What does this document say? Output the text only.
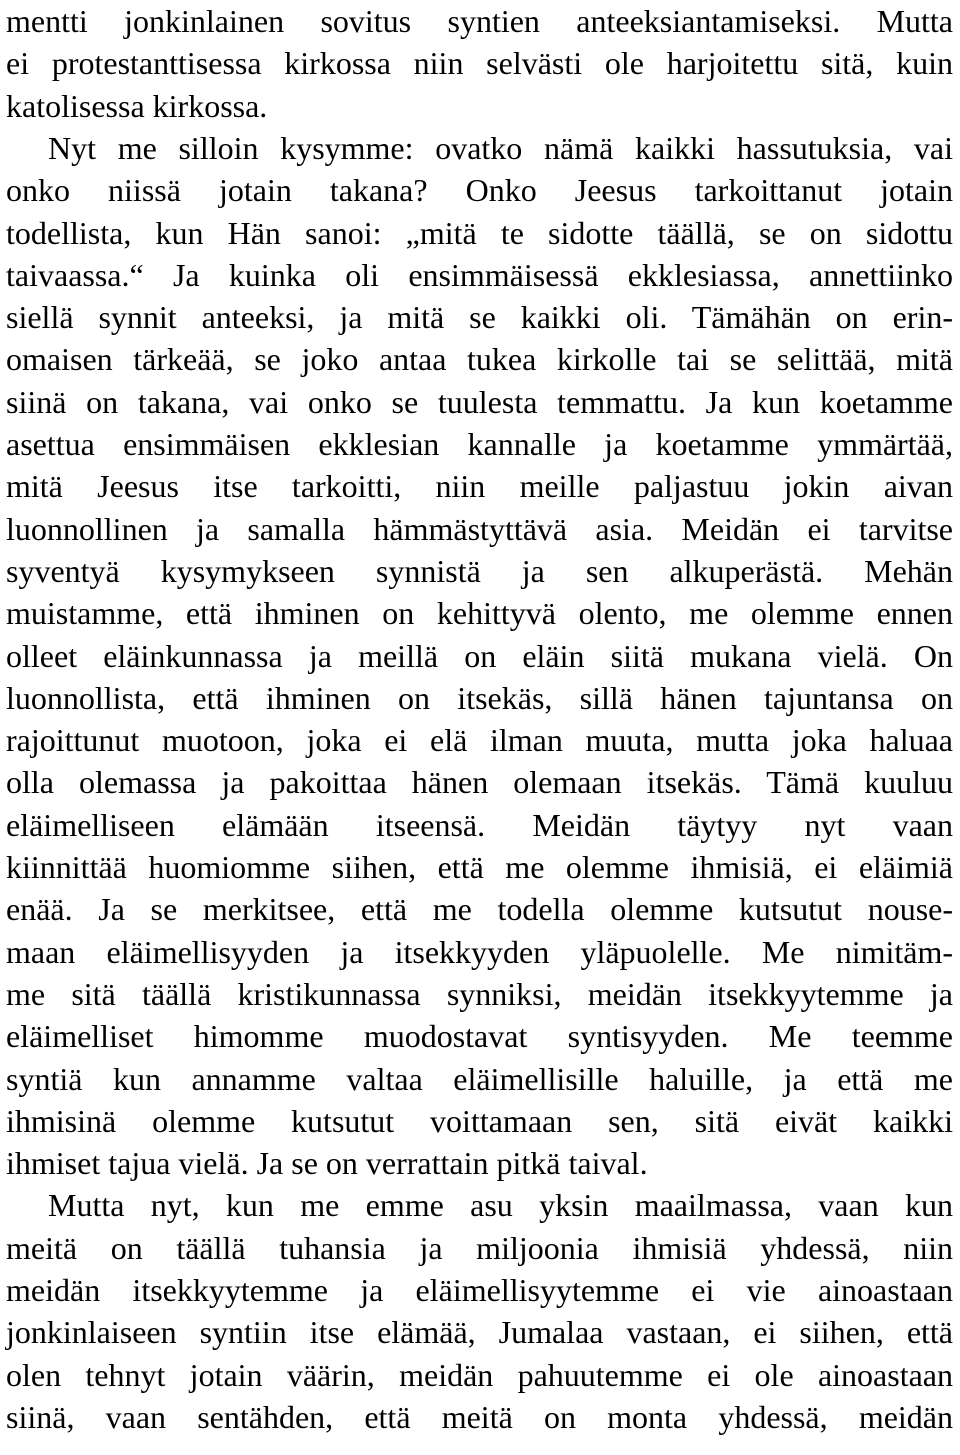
mentti jonkinlainen sovitus syntien anteeksiantamiseksi. Mutta
ei protestanttisessa kirkossa niin selvästi ole harjoitettu sitä, kuin
katolisessa kirkossa.
Nyt me silloin kysymme: ovatko nämä kaikki hassutuksia, vai
onko niissä jotain takana? Onko Jeesus tarkoittanut jotain
todellista, kun Hän sanoi: „mitä te sidotte täällä, se on sidottu
taivaassa.“ Ja kuinka oli ensimmäisessä ekklesiassa, annettiinko
siellä synnit anteeksi, ja mitä se kaikki oli. Tämähän on erin-
omaisen tärkeää, se joko antaa tukea kirkolle tai se selittää, mitä
siinä on takana, vai onko se tuulesta temmattu. Ja kun koetamme
asettua ensimmäisen ekklesian kannalle ja koetamme ymmärtää,
mitä Jeesus itse tarkoitti, niin meille paljastuu jokin aivan
luonnollinen ja samalla hämmästyttävä asia. Meidän ei tarvitse
syventyä kysymykseen synnistä ja sen alkuperästä. Mehän
muistamme, että ihminen on kehittyvä olento, me olemme ennen
olleet eläinkunnassa ja meillä on eläin siitä mukana vielä. On
luonnollista, että ihminen on itsekäs, sillä hänen tajuntansa on
rajoittunut muotoon, joka ei elä ilman muuta, mutta joka haluaa
olla olemassa ja pakoittaa hänen olemaan itsekäs. Tämä kuuluu
eläimelliseen elämään itseensä. Meidän täytyy nyt vaan
kiinnittää huomiomme siihen, että me olemme ihmisiä, ei eläimiä
enää. Ja se merkitsee, että me todella olemme kutsutut nouse-
maan eläimellisyyden ja itsekkyyden yläpuolelle. Me nimitäm-
me sitä täällä kristikunnassa synniksi, meidän itsekkyytemme ja
eläimelliset himomme muodostavat syntisyyden. Me teemme
syntiä kun annamme valtaa eläimellisille haluille, ja että me
ihmisinä olemme kutsutut voittamaan sen, sitä eivät kaikki
ihmiset tajua vielä. Ja se on verrattain pitkä taival.
Mutta nyt, kun me emme asu yksin maailmassa, vaan kun
meitä on täällä tuhansia ja miljoonia ihmisiä yhdessä, niin
meidän itsekkyytemme ja eläimellisyytemme ei vie ainoastaan
jonkinlaiseen syntiin itse elämää, Jumalaa vastaan, ei siihen, että
olen tehnyt jotain väärin, meidän pahuutemme ei ole ainoastaan
siinä, vaan sentähden, että meitä on monta yhdessä, meidän
